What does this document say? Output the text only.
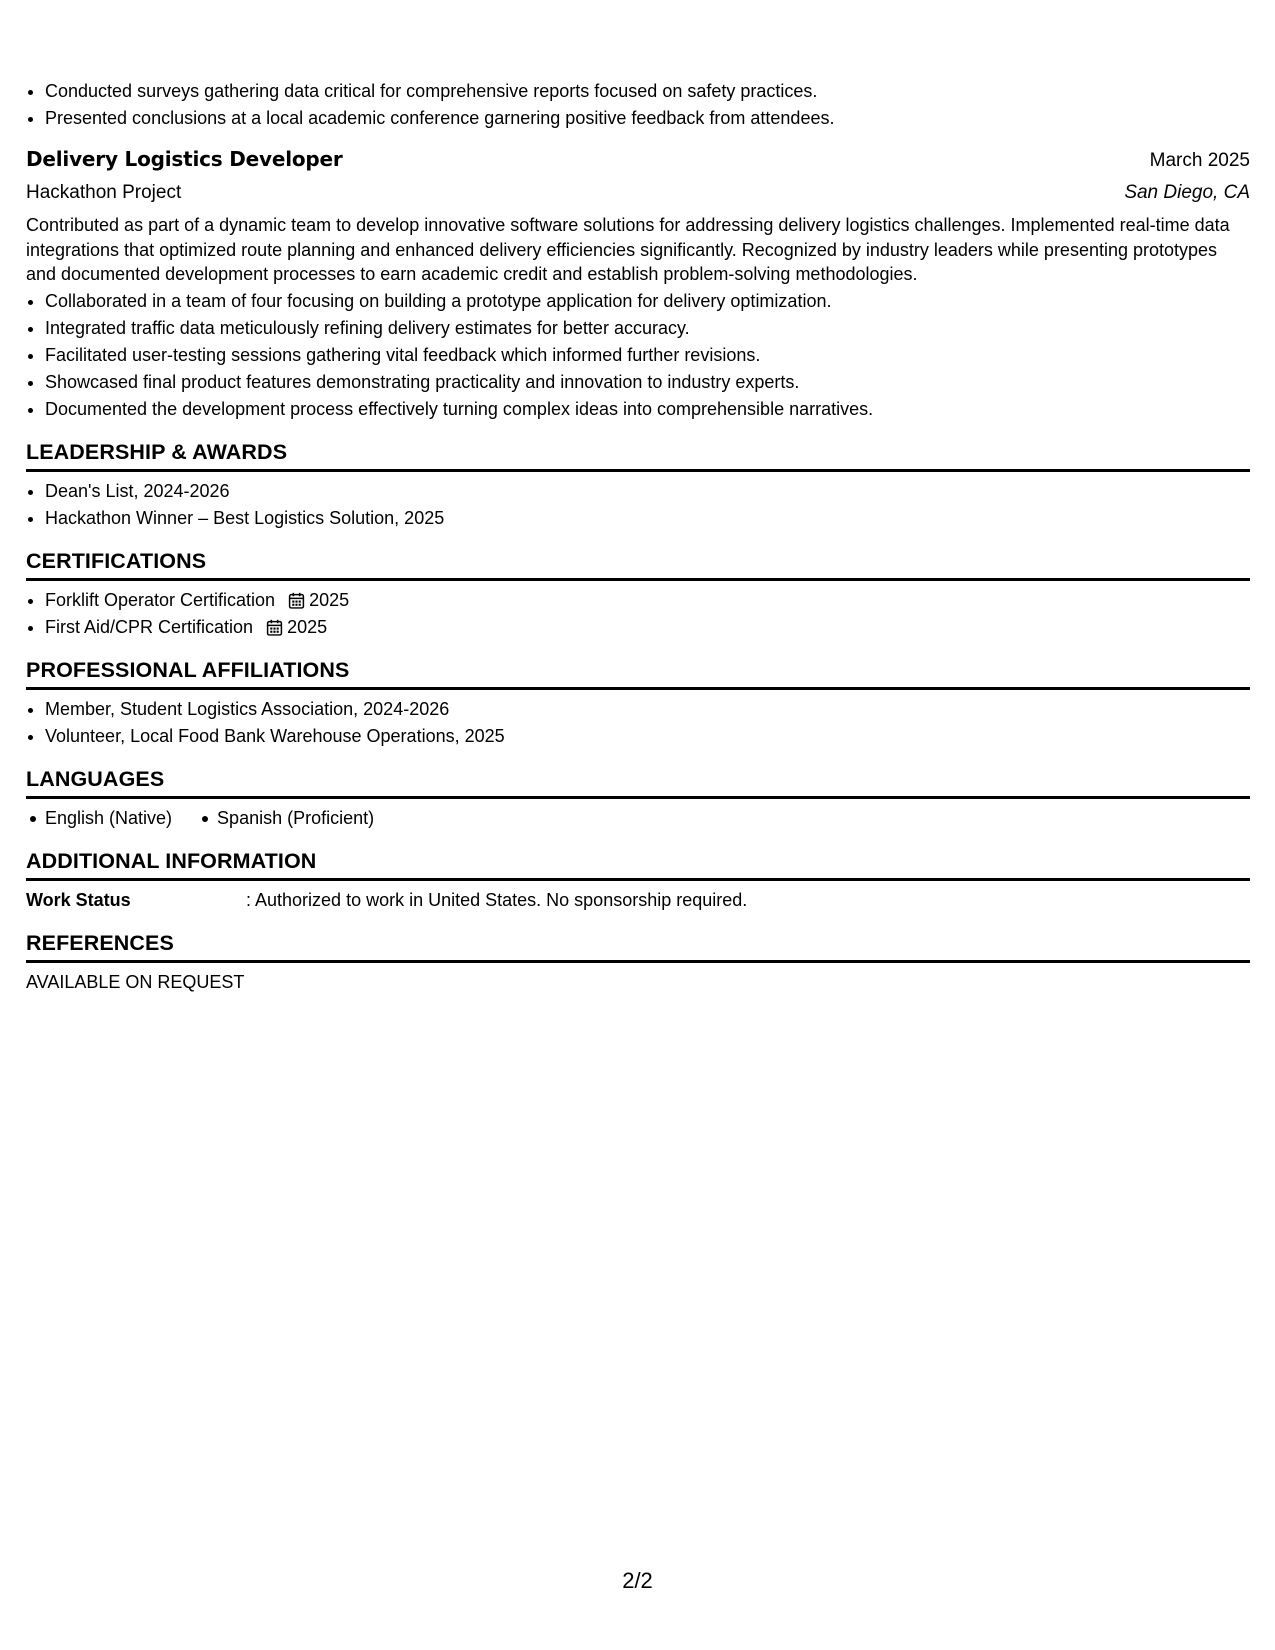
• Conducted surveys gathering data critical for comprehensive reports focused on safety practices.
• Presented conclusions at a local academic conference garnering positive feedback from attendees.
Delivery Logistics Developer	March 2025
Hackathon Project	San Diego, CA
Contributed as part of a dynamic team to develop innovative software solutions for addressing delivery logistics challenges. Implemented real-time data integrations that optimized route planning and enhanced delivery efficiencies significantly. Recognized by industry leaders while presenting prototypes and documented development processes to earn academic credit and establish problem-solving methodologies.
• Collaborated in a team of four focusing on building a prototype application for delivery optimization.
• Integrated traffic data meticulously refining delivery estimates for better accuracy.
• Facilitated user-testing sessions gathering vital feedback which informed further revisions.
• Showcased final product features demonstrating practicality and innovation to industry experts.
• Documented the development process effectively turning complex ideas into comprehensible narratives.
LEADERSHIP & AWARDS
• Dean's List, 2024-2026
• Hackathon Winner – Best Logistics Solution, 2025
CERTIFICATIONS
• Forklift Operator Certification 2025
• First Aid/CPR Certification 2025
PROFESSIONAL AFFILIATIONS
• Member, Student Logistics Association, 2024-2026
• Volunteer, Local Food Bank Warehouse Operations, 2025
LANGUAGES
English (Native)	Spanish (Proficient)
ADDITIONAL INFORMATION
Work Status	: Authorized to work in United States. No sponsorship required.
REFERENCES
AVAILABLE ON REQUEST
2/2
